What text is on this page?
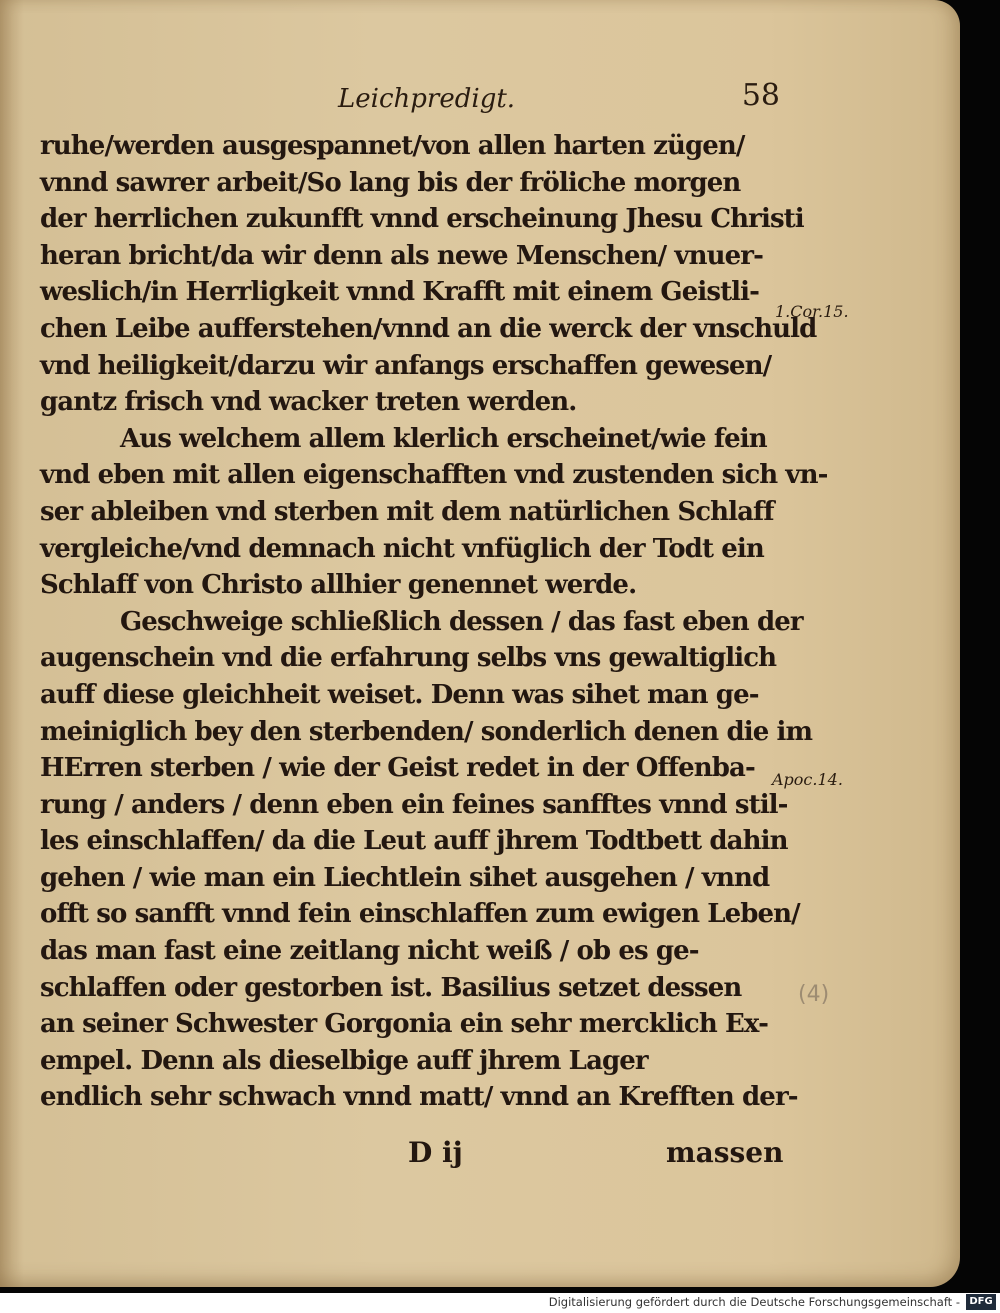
Leichpredigt.	58
ruhe/werden ausgespannet/von allen harten zügen/
vnnd sawrer arbeit/So lang bis der fröliche morgen
der herrlichen zukunfft vnnd erscheinung Jhesu Christi
heran bricht/da wir denn als newe Menschen/ vnuer-
weslich/in Herrligkeit vnnd Krafft mit einem Geistli-
chen Leibe aufferstehen/vnnd an die werck der vnschuld
vnd heiligkeit/darzu wir anfangs erschaffen gewesen/
gantz frisch vnd wacker treten werden.
Aus welchem allem klerlich erscheinet/wie fein
vnd eben mit allen eigenschafften vnd zustenden sich vn-
ser ableiben vnd sterben mit dem natürlichen Schlaff
vergleiche/vnd demnach nicht vnfüglich der Todt ein
Schlaff von Christo allhier genennet werde.
Geschweige schließlich dessen / das fast eben der
augenschein vnd die erfahrung selbs vns gewaltiglich
auff diese gleichheit weiset. Denn was sihet man ge-
meiniglich bey den sterbenden/ sonderlich denen die im
HErren sterben / wie der Geist redet in der Offenba-
rung / anders / denn eben ein feines sanfftes vnnd stil-
les einschlaffen/ da die Leut auff jhrem Todtbett dahin
gehen / wie man ein Liechtlein sihet ausgehen / vnnd
offt so sanfft vnnd fein einschlaffen zum ewigen Leben/
das man fast eine zeitlang nicht weiß / ob es ge-
schlaffen oder gestorben ist. Basilius setzet dessen
an seiner Schwester Gorgonia ein sehr mercklich Ex-
empel. Denn als dieselbige auff jhrem Lager
endlich sehr schwach vnnd matt/ vnnd an Krefften der-
1.Cor.15.
Apoc.14.
(4)
D ij	massen
Digitalisierung gefördert durch die Deutsche Forschungsgemeinschaft - DFG
